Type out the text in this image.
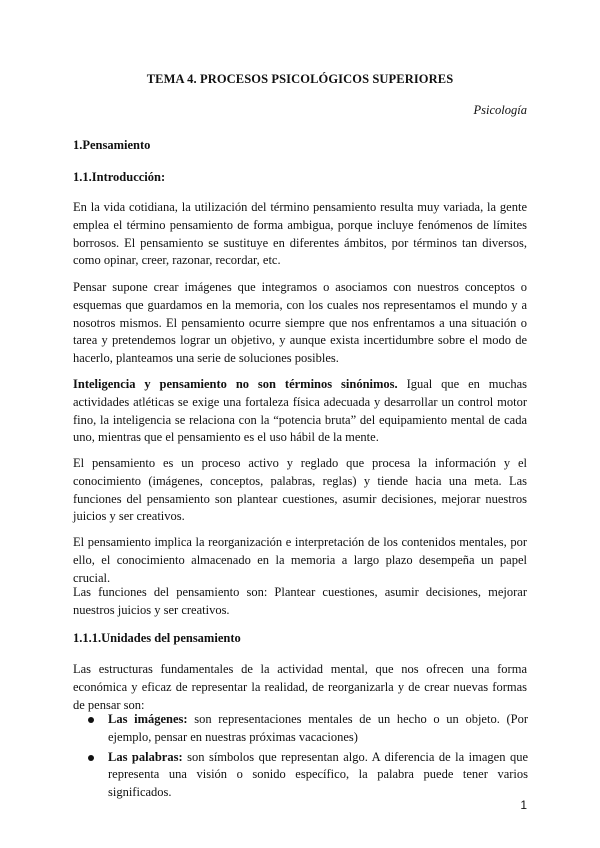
TEMA 4. PROCESOS PSICOLÓGICOS SUPERIORES
Psicología
1.Pensamiento
1.1.Introducción:

En la vida cotidiana, la utilización del término pensamiento resulta muy variada, la gente emplea el término pensamiento de forma ambigua, porque incluye fenómenos de límites borrosos. El pensamiento se sustituye en diferentes ámbitos, por términos tan diversos, como opinar, creer, razonar, recordar, etc.

Pensar supone crear imágenes que integramos o asociamos con nuestros conceptos o esquemas que guardamos en la memoria, con los cuales nos representamos el mundo y a nosotros mismos. El pensamiento ocurre siempre que nos enfrentamos a una situación o tarea y pretendemos lograr un objetivo, y aunque exista incertidumbre sobre el modo de hacerlo, planteamos una serie de soluciones posibles.

Inteligencia y pensamiento no son términos sinónimos. Igual que en muchas actividades atléticas se exige una fortaleza física adecuada y desarrollar un control motor fino, la inteligencia se relaciona con la “potencia bruta” del equipamiento mental de cada uno, mientras que el pensamiento es el uso hábil de la mente.

El pensamiento es un proceso activo y reglado que procesa la información y el conocimiento (imágenes, conceptos, palabras, reglas) y tiende hacia una meta. Las funciones del pensamiento son plantear cuestiones, asumir decisiones, mejorar nuestros juicios y ser creativos.

El pensamiento implica la reorganización e interpretación de los contenidos mentales, por ello, el conocimiento almacenado en la memoria a largo plazo desempeña un papel crucial.

Las funciones del pensamiento son: Plantear cuestiones, asumir decisiones, mejorar nuestros juicios y ser creativos.

1.1.1.Unidades del pensamiento

Las estructuras fundamentales de la actividad mental, que nos ofrecen una forma económica y eficaz de representar la realidad, de reorganizarla y de crear nuevas formas de pensar son:

Las imágenes: son representaciones mentales de un hecho o un objeto. (Por ejemplo, pensar en nuestras próximas vacaciones)
Las palabras: son símbolos que representan algo. A diferencia de la imagen que representa una visión o sonido específico, la palabra puede tener varios significados.
1
